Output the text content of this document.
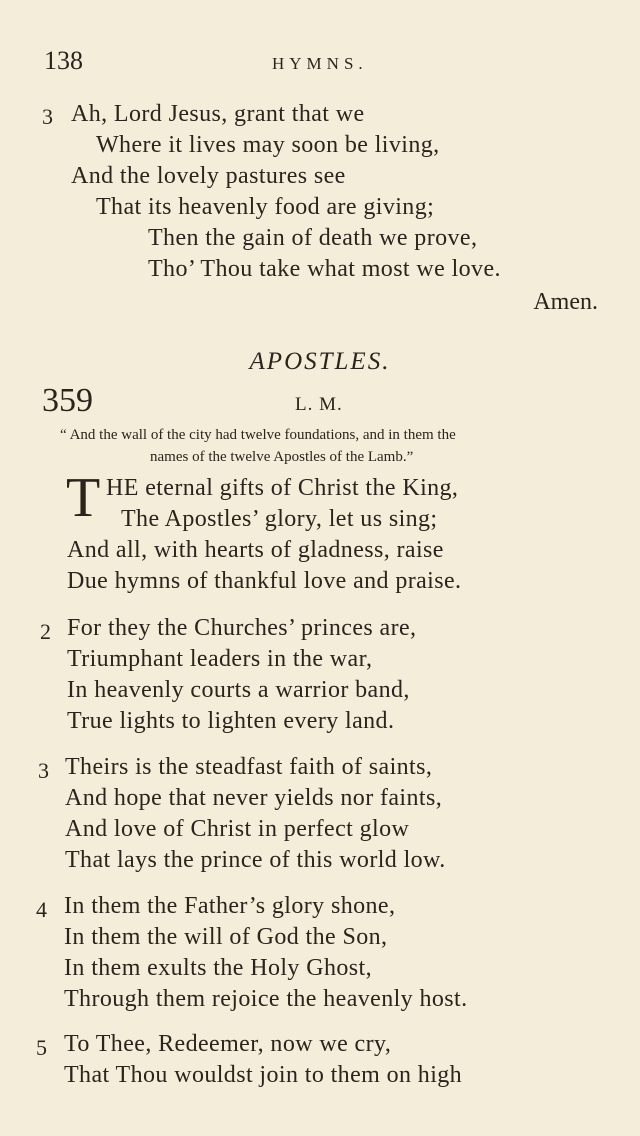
138	HYMNS.
3 Ah, Lord Jesus, grant that we
Where it lives may soon be living,
And the lovely pastures see
That its heavenly food are giving;
Then the gain of death we prove,
Tho’ Thou take what most we love.
Amen.
APOSTLES.
359	L. M.
“ And the wall of the city had twelve foundations, and in them the
names of the twelve Apostles of the Lamb.”
T HE eternal gifts of Christ the King,
The Apostles’ glory, let us sing;
And all, with hearts of gladness, raise
Due hymns of thankful love and praise.
2 For they the Churches’ princes are,
Triumphant leaders in the war,
In heavenly courts a warrior band,
True lights to lighten every land.
3 Theirs is the steadfast faith of saints,
And hope that never yields nor faints,
And love of Christ in perfect glow
That lays the prince of this world low.
4 In them the Father’s glory shone,
In them the will of God the Son,
In them exults the Holy Ghost,
Through them rejoice the heavenly host.
5 To Thee, Redeemer, now we cry,
That Thou wouldst join to them on high
